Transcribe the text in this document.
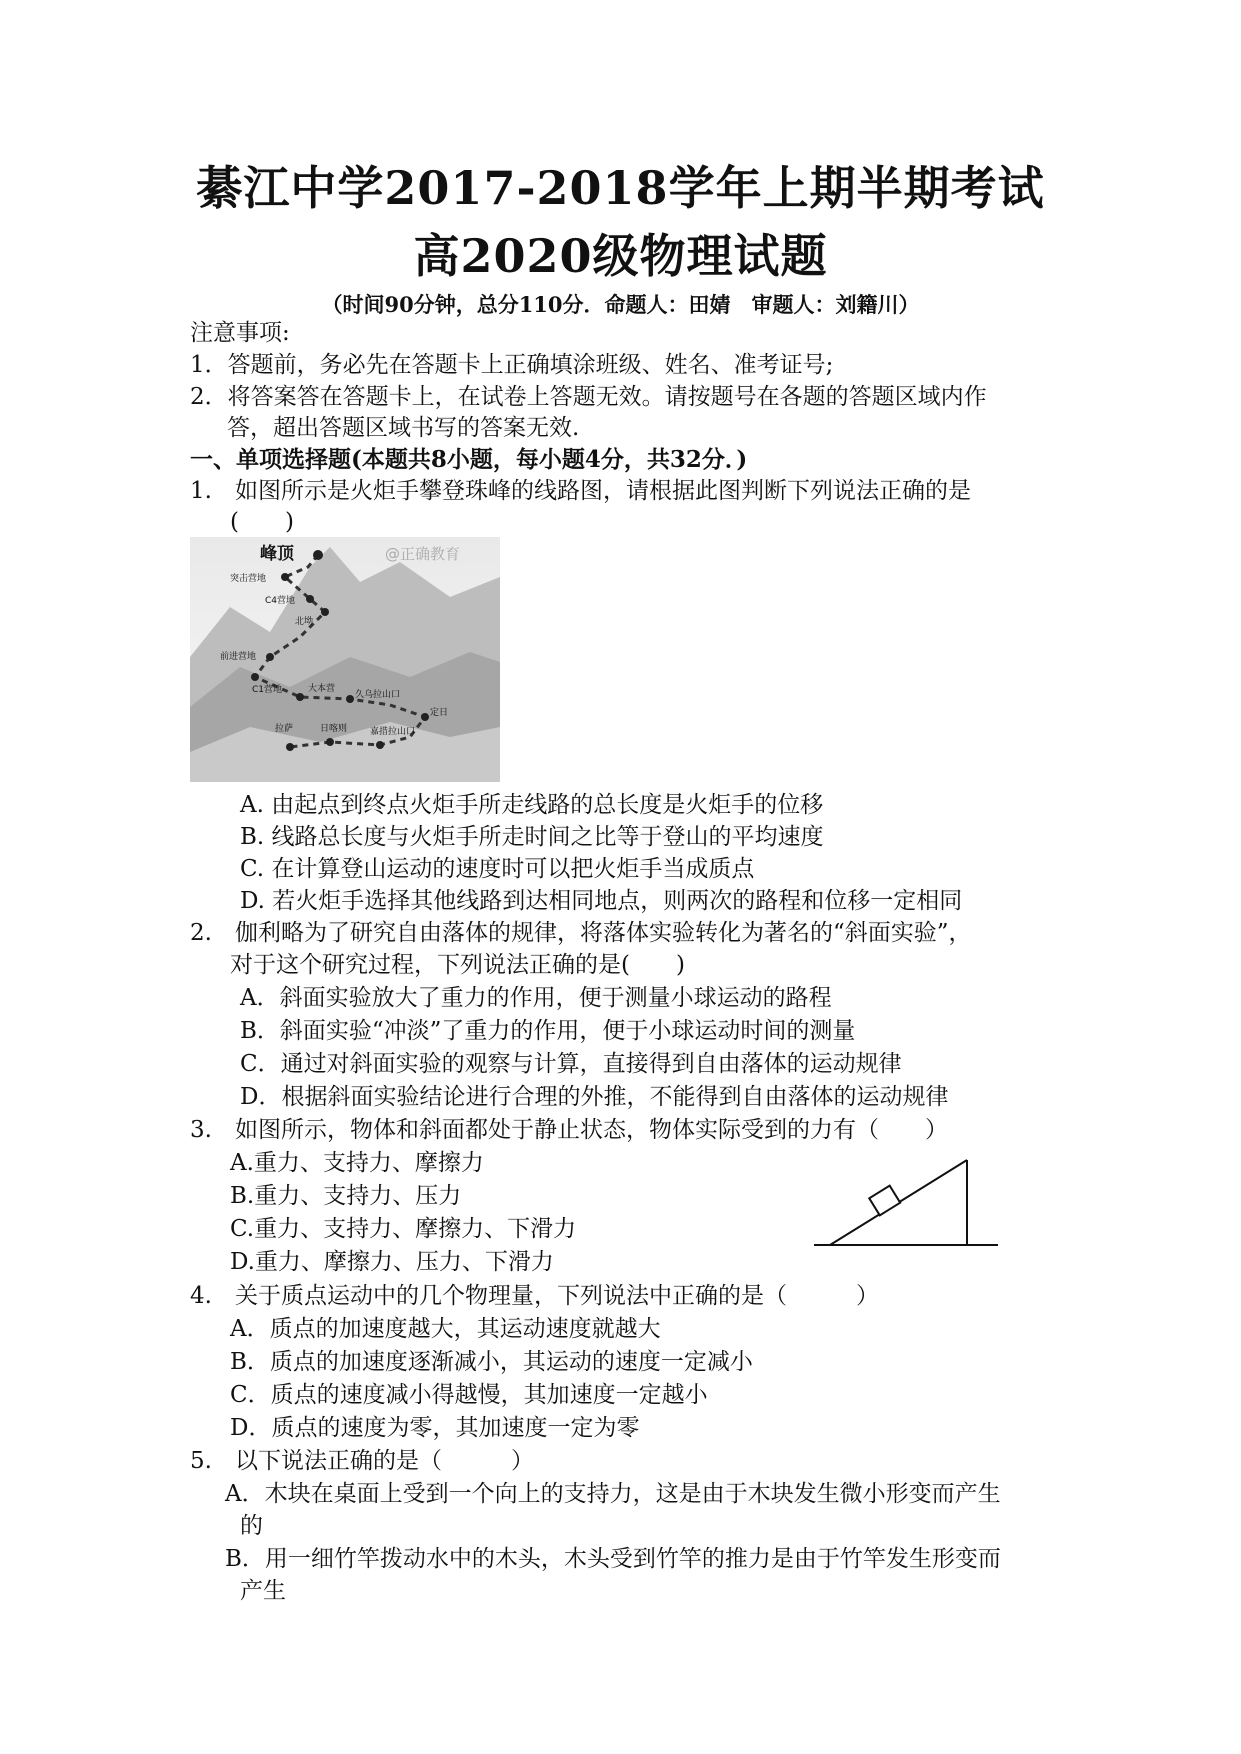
綦江中学2017-2018学年上期半期考试
高2020级物理试题
（时间90分钟，总分110分．命题人：田婧　审题人：刘籍川）
注意事项:
1．答题前，务必先在答题卡上正确填涂班级、姓名、准考证号;
2．将答案答在答题卡上，在试卷上答题无效。请按题号在各题的答题区域内作
答，超出答题区域书写的答案无效.
一、单项选择题(本题共8小题，每小题4分，共32分．)
1.　如图所示是火炬手攀登珠峰的线路图，请根据此图判断下列说法正确的是
(　　)
峰顶	@正确教育
突击营地
C4营地
北坳
前进营地
C1营地	大本营
久乌拉山口
定日
拉萨	日喀则	嘉措拉山口
A. 由起点到终点火炬手所走线路的总长度是火炬手的位移
B. 线路总长度与火炬手所走时间之比等于登山的平均速度
C. 在计算登山运动的速度时可以把火炬手当成质点
D. 若火炬手选择其他线路到达相同地点，则两次的路程和位移一定相同
2.　伽利略为了研究自由落体的规律，将落体实验转化为著名的“斜面实验”，
对于这个研究过程，下列说法正确的是(　　)
A．斜面实验放大了重力的作用，便于测量小球运动的路程
B．斜面实验“冲淡”了重力的作用，便于小球运动时间的测量
C．通过对斜面实验的观察与计算，直接得到自由落体的运动规律
D．根据斜面实验结论进行合理的外推，不能得到自由落体的运动规律
3.　如图所示，物体和斜面都处于静止状态，物体实际受到的力有（　　）
A.重力、支持力、摩擦力
B.重力、支持力、压力
C.重力、支持力、摩擦力、下滑力
D.重力、摩擦力、压力、下滑力
4.　关于质点运动中的几个物理量，下列说法中正确的是（　　　）
A．质点的加速度越大，其运动速度就越大
B．质点的加速度逐渐减小，其运动的速度一定减小
C．质点的速度减小得越慢，其加速度一定越小
D．质点的速度为零，其加速度一定为零
5.　以下说法正确的是（　　　）
A．木块在桌面上受到一个向上的支持力，这是由于木块发生微小形变而产生
的
B．用一细竹竿拨动水中的木头，木头受到竹竿的推力是由于竹竿发生形变而
产生
